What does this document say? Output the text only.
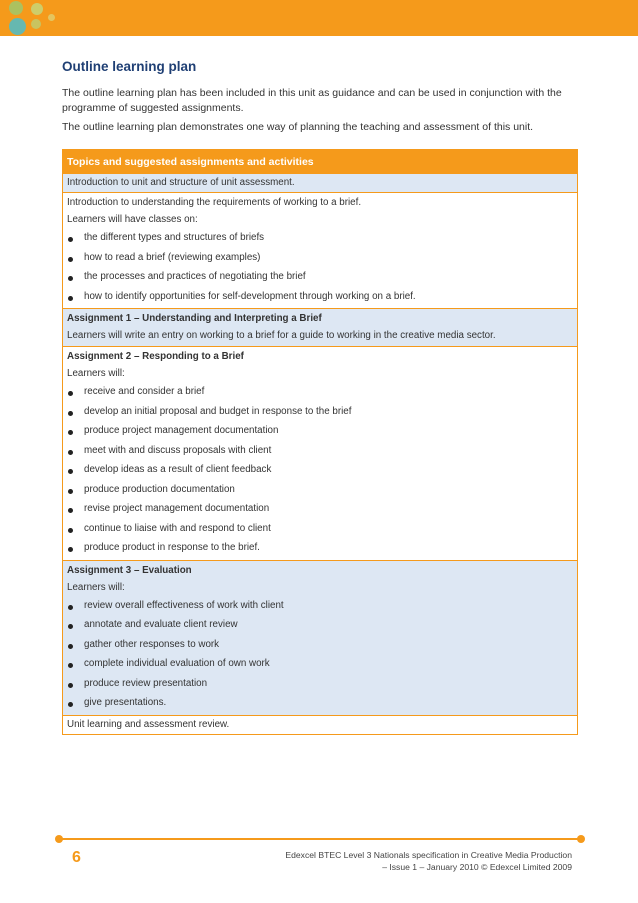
Outline learning plan

The outline learning plan has been included in this unit as guidance and can be used in conjunction with the programme of suggested assignments.

The outline learning plan demonstrates one way of planning the teaching and assessment of this unit.

Topics and suggested assignments and activities
Introduction to unit and structure of unit assessment.

Introduction to understanding the requirements of working to a brief.
Learners will have classes on:
the different types and structures of briefs
how to read a brief (reviewing examples)
the processes and practices of negotiating the brief
how to identify opportunities for self-development through working on a brief.

Assignment 1 – Understanding and Interpreting a Brief
Learners will write an entry on working to a brief for a guide to working in the creative media sector.

Assignment 2 – Responding to a Brief
Learners will:
receive and consider a brief
develop an initial proposal and budget in response to the brief
produce project management documentation
meet with and discuss proposals with client
develop ideas as a result of client feedback
produce production documentation
revise project management documentation
continue to liaise with and respond to client
produce product in response to the brief.

Assignment 3 – Evaluation
Learners will:
review overall effectiveness of work with client
annotate and evaluate client review
gather other responses to work
complete individual evaluation of own work
produce review presentation
give presentations.

Unit learning and assessment review.
6	Edexcel BTEC Level 3 Nationals specification in Creative Media Production
– Issue 1 – January 2010 © Edexcel Limited 2009
